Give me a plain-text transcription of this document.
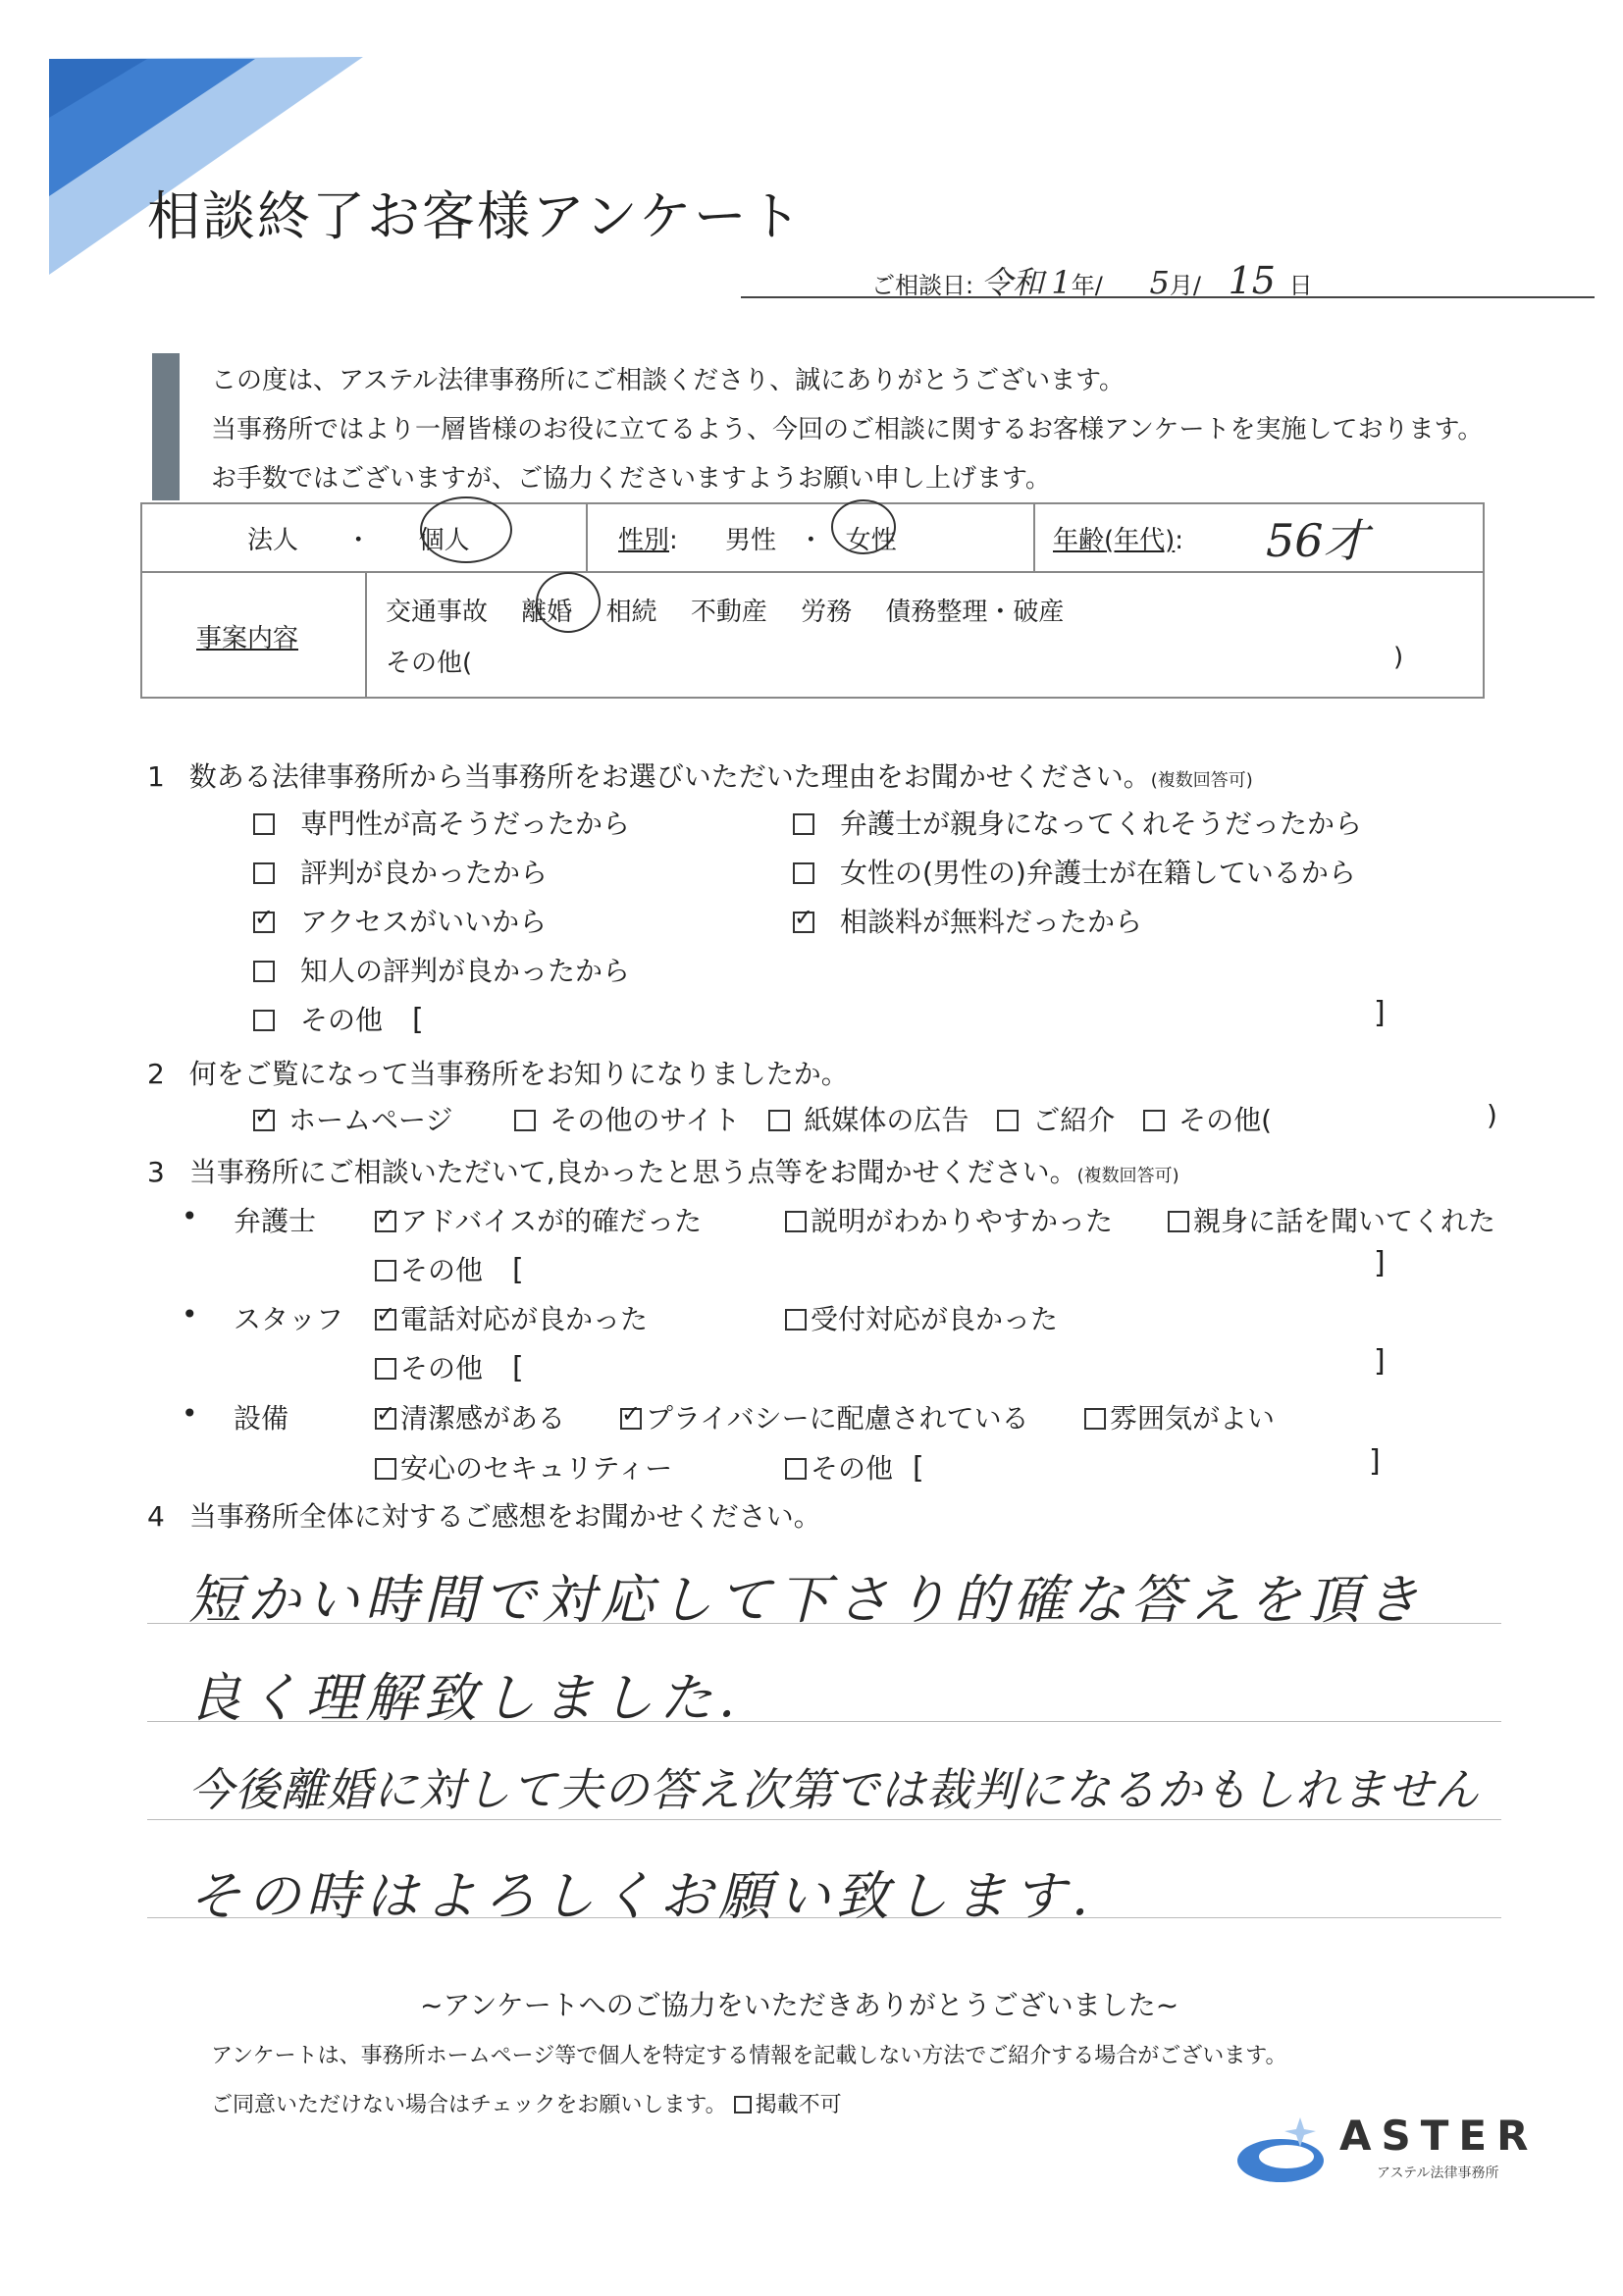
相談終了お客様アンケート
ご相談日: 令和 1年/ 5月/ 15 日
この度は、アステル法律事務所にご相談くださり、誠にありがとうございます。
当事務所ではより一層皆様のお役に立てるよう、今回のご相談に関するお客様アンケートを実施しております。
お手数ではございますが、ご協力くださいますようお願い申し上げます。
法人 ・ 個人	性別: 男性 ・ 女性	年齢(年代): 56才
事案内容
交通事故 離婚 相続 不動産 労務 債務整理・破産
その他(	)
1 数ある法律事務所から当事務所をお選びいただいた理由をお聞かせください。(複数回答可)
専門性が高そうだったから	弁護士が親身になってくれそうだったから
評判が良かったから	女性の(男性の)弁護士が在籍しているから
✓アクセスがいいから ✓	相談料が無料だったから
知人の評判が良かったから
その他 [	]
2 何をご覧になって当事務所をお知りになりましたか。
✓ホームページ	その他のサイト 紙媒体の広告 ご紹介 その他(	)
3 当事務所にご相談いただいて,良かったと思う点等をお聞かせください。(複数回答可)
• 弁護士 ✓	アドバイスが的確だった	説明がわかりやすかった	親身に話を聞いてくれた
その他 [	]
• スタッフ ✓	電話対応が良かった	受付対応が良かった
その他 [	]
• 設備 ✓	清潔感がある ✓	プライバシーに配慮されている	雰囲気がよい
安心のセキュリティー	その他 [	]
4 当事務所全体に対するご感想をお聞かせください。
短かい時間で対応して下さり的確な答えを頂き
良く理解致しました.
今後離婚に対して夫の答え次第では裁判になるかもしれません
その時はよろしくお願い致します.
~アンケートへのご協力をいただきありがとうございました~
アンケートは、事務所ホームページ等で個人を特定する情報を記載しない方法でご紹介する場合がございます。
ご同意いただけない場合はチェックをお願いします。 掲載不可
ASTER
アステル法律事務所
